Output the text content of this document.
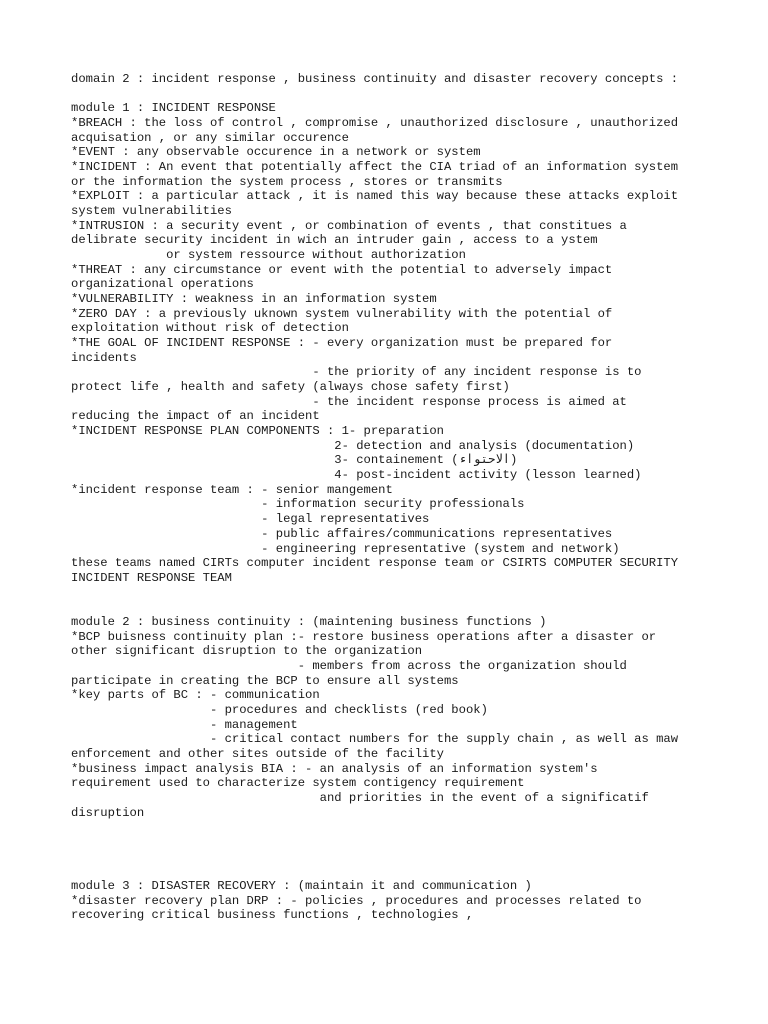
domain 2 : incident response , business continuity and disaster recovery concepts :
module 1 : INCIDENT RESPONSE
*BREACH : the loss of control , compromise , unauthorized disclosure , unauthorized
acquisation , or any similar occurence
*EVENT : any observable occurence in a network or system
*INCIDENT : An event that potentially affect the CIA triad of an information system
or the information the system process , stores or transmits
*EXPLOIT : a particular attack , it is named this way because these attacks exploit
system vulnerabilities
*INTRUSION : a security event , or combination of events , that constitues a
delibrate security incident in wich an intruder gain , access to a ystem
or system ressource without authorization
*THREAT : any circumstance or event with the potential to adversely impact
organizational operations
*VULNERABILITY : weakness in an information system
*ZERO DAY : a previously uknown system vulnerability with the potential of
exploitation without risk of detection
*THE GOAL OF INCIDENT RESPONSE : - every organization must be prepared for
incidents
- the priority of any incident response is to
protect life , health and safety (always chose safety first)
- the incident response process is aimed at
reducing the impact of an incident
*INCIDENT RESPONSE PLAN COMPONENTS : 1- preparation
2- detection and analysis (documentation)
3- containement (الاحتواء)
4- post-incident activity (lesson learned)
*incident response team : - senior mangement
- information security professionals
- legal representatives
- public affaires/communications representatives
- engineering representative (system and network)
these teams named CIRTs computer incident response team or CSIRTS COMPUTER SECURITY
INCIDENT RESPONSE TEAM
module 2 : business continuity : (maintening business functions )
*BCP buisness continuity plan :- restore business operations after a disaster or
other significant disruption to the organization
- members from across the organization should
participate in creating the BCP to ensure all systems
*key parts of BC : - communication
- procedures and checklists (red book)
- management
- critical contact numbers for the supply chain , as well as maw
enforcement and other sites outside of the facility
*business impact analysis BIA : - an analysis of an information system's
requirement used to characterize system contigency requirement
and priorities in the event of a significatif
disruption
module 3 : DISASTER RECOVERY : (maintain it and communication )
*disaster recovery plan DRP : - policies , procedures and processes related to
recovering critical business functions , technologies ,
